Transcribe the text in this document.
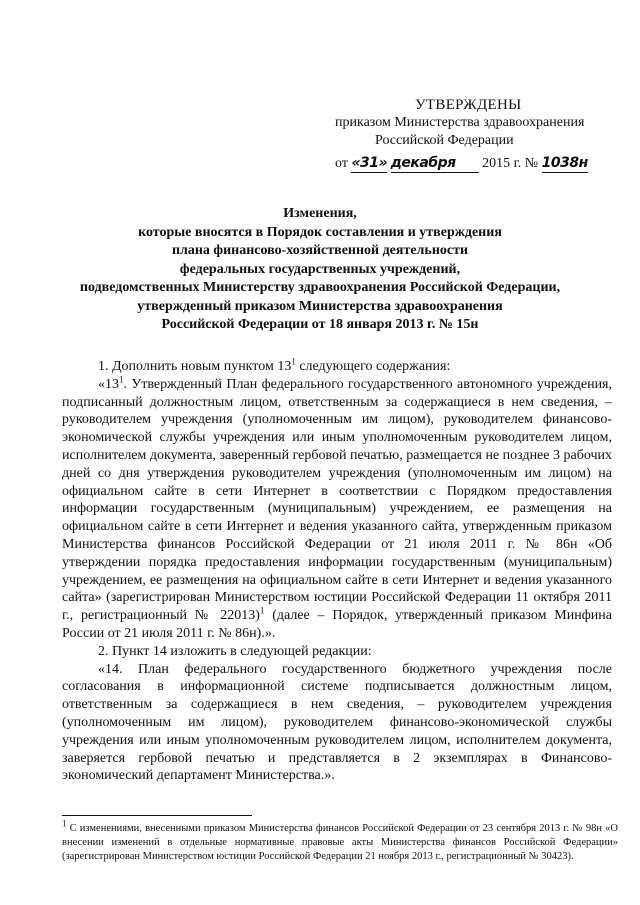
УТВЕРЖДЕНЫ
приказом Министерства здравоохранения
Российской Федерации
от «31» декабря 2015 г. № 1038н
Изменения,
которые вносятся в Порядок составления и утверждения
плана финансово-хозяйственной деятельности
федеральных государственных учреждений,
подведомственных Министерству здравоохранения Российской Федерации,
утвержденный приказом Министерства здравоохранения
Российской Федерации от 18 января 2013 г. № 15н

1. Дополнить новым пунктом $13^1$ следующего содержания:

«$13^1$. Утвержденный План федерального государственного автономного учреждения, подписанный должностным лицом, ответственным за содержащиеся в нем сведения, – руководителем учреждения (уполномоченным им лицом), руководителем финансово-экономической службы учреждения или иным уполномоченным руководителем лицом, исполнителем документа, заверенный гербовой печатью, размещается не позднее 3 рабочих дней со дня утверждения руководителем учреждения (уполномоченным им лицом) на официальном сайте в сети Интернет в соответствии с Порядком предоставления информации государственным (муниципальным) учреждением, ее размещения на официальном сайте в сети Интернет и ведения указанного сайта, утвержденным приказом Министерства финансов Российской Федерации от 21 июля 2011 г. № 86н «Об утверждении порядка предоставления информации государственным (муниципальным) учреждением, ее размещения на официальном сайте в сети Интернет и ведения указанного сайта» (зарегистрирован Министерством юстиции Российской Федерации 11 октября 2011 г., регистрационный № 22013)$^1$ (далее – Порядок, утвержденный приказом Минфина России от 21 июля 2011 г. № 86н).».

2. Пункт 14 изложить в следующей редакции:

«14. План федерального государственного бюджетного учреждения после согласования в информационной системе подписывается должностным лицом, ответственным за содержащиеся в нем сведения, – руководителем учреждения (уполномоченным им лицом), руководителем финансово-экономической службы учреждения или иным уполномоченным руководителем лицом, исполнителем документа, заверяется гербовой печатью и представляется в 2 экземплярах в Финансово-экономический департамент Министерства.».

$^1$ С изменениями, внесенными приказом Министерства финансов Российской Федерации от 23 сентября 2013 г. № 98н «О внесении изменений в отдельные нормативные правовые акты Министерства финансов Российской Федерации» (зарегистрирован Министерством юстиции Российской Федерации 21 ноября 2013 г., регистрационный № 30423).
